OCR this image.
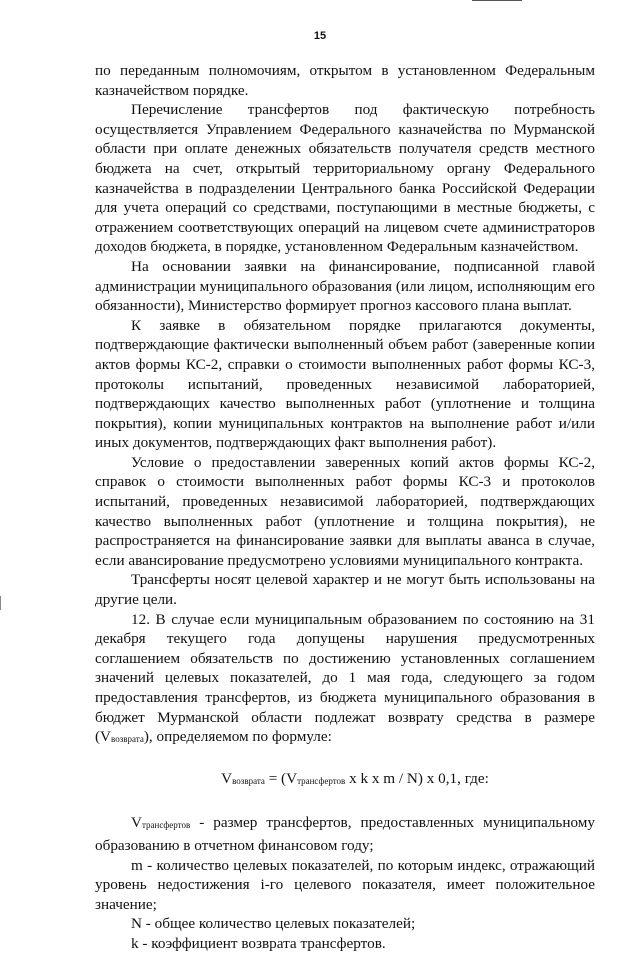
15

по переданным полномочиям, открытом в установленном Федеральным казначейством порядке.

Перечисление трансфертов под фактическую потребность осуществляется Управлением Федерального казначейства по Мурманской области при оплате денежных обязательств получателя средств местного бюджета на счет, открытый территориальному органу Федерального казначейства в подразделении Центрального банка Российской Федерации для учета операций со средствами, поступающими в местные бюджеты, с отражением соответствующих операций на лицевом счете администраторов доходов бюджета, в порядке, установленном Федеральным казначейством.

На основании заявки на финансирование, подписанной главой администрации муниципального образования (или лицом, исполняющим его обязанности), Министерство формирует прогноз кассового плана выплат.

К заявке в обязательном порядке прилагаются документы, подтверждающие фактически выполненный объем работ (заверенные копии актов формы КС-2, справки о стоимости выполненных работ формы КС-3, протоколы испытаний, проведенных независимой лабораторией, подтверждающих качество выполненных работ (уплотнение и толщина покрытия), копии муниципальных контрактов на выполнение работ и/или иных документов, подтверждающих факт выполнения работ).

Условие о предоставлении заверенных копий актов формы КС-2, справок о стоимости выполненных работ формы КС-3 и протоколов испытаний, проведенных независимой лабораторией, подтверждающих качество выполненных работ (уплотнение и толщина покрытия), не распространяется на финансирование заявки для выплаты аванса в случае, если авансирование предусмотрено условиями муниципального контракта.

Трансферты носят целевой характер и не могут быть использованы на другие цели.

12. В случае если муниципальным образованием по состоянию на 31 декабря текущего года допущены нарушения предусмотренных соглашением обязательств по достижению установленных соглашением значений целевых показателей, до 1 мая года, следующего за годом предоставления трансфертов, из бюджета муниципального образования в бюджет Мурманской области подлежат возврату средства в размере (Vвозврата), определяемом по формуле:

Vвозврата = (Vтрансфертов x k x m / N) x 0,1, где:

Vтрансфертов - размер трансфертов, предоставленных муниципальному образованию в отчетном финансовом году;

m - количество целевых показателей, по которым индекс, отражающий уровень недостижения i-го целевого показателя, имеет положительное значение;

N - общее количество целевых показателей;

k - коэффициент возврата трансфертов.
